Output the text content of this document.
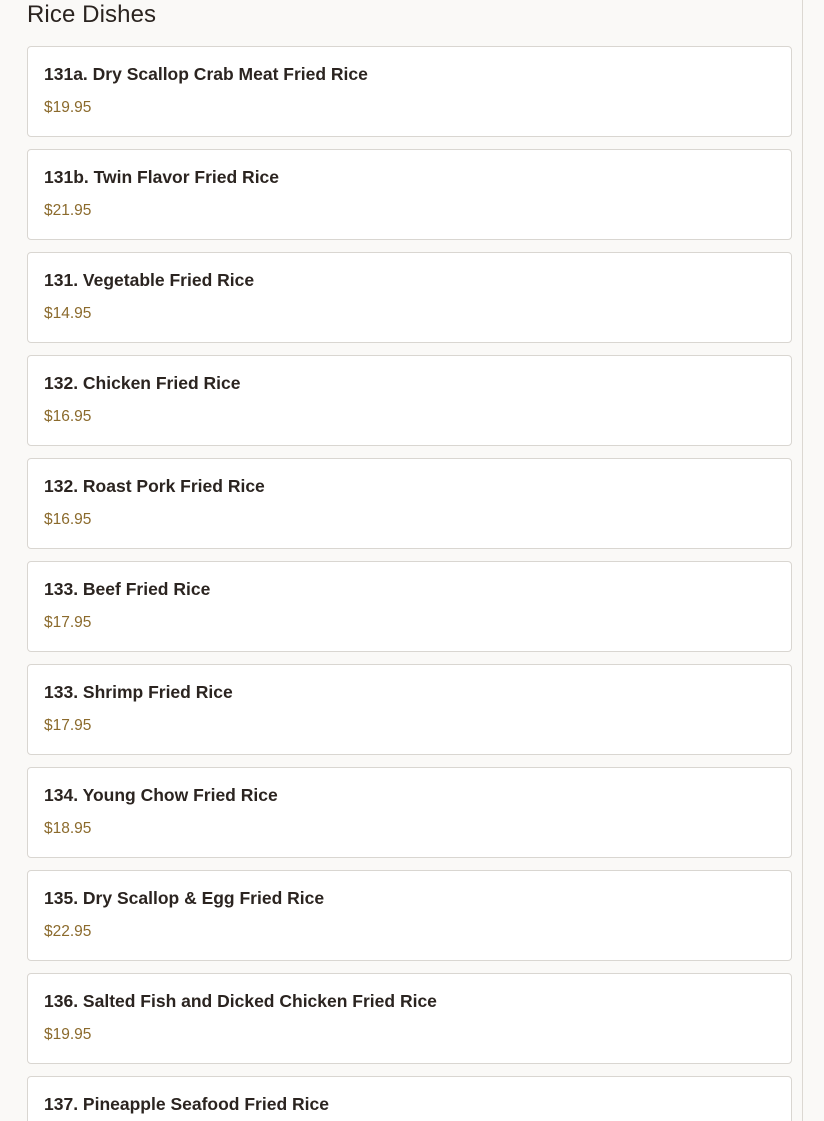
Rice Dishes
131a. Dry Scallop Crab Meat Fried Rice
$19.95
131b. Twin Flavor Fried Rice
$21.95
131. Vegetable Fried Rice
$14.95
132. Chicken Fried Rice
$16.95
132. Roast Pork Fried Rice
$16.95
133. Beef Fried Rice
$17.95
133. Shrimp Fried Rice
$17.95
134. Young Chow Fried Rice
$18.95
135. Dry Scallop & Egg Fried Rice
$22.95
136. Salted Fish and Dicked Chicken Fried Rice
$19.95
137. Pineapple Seafood Fried Rice
